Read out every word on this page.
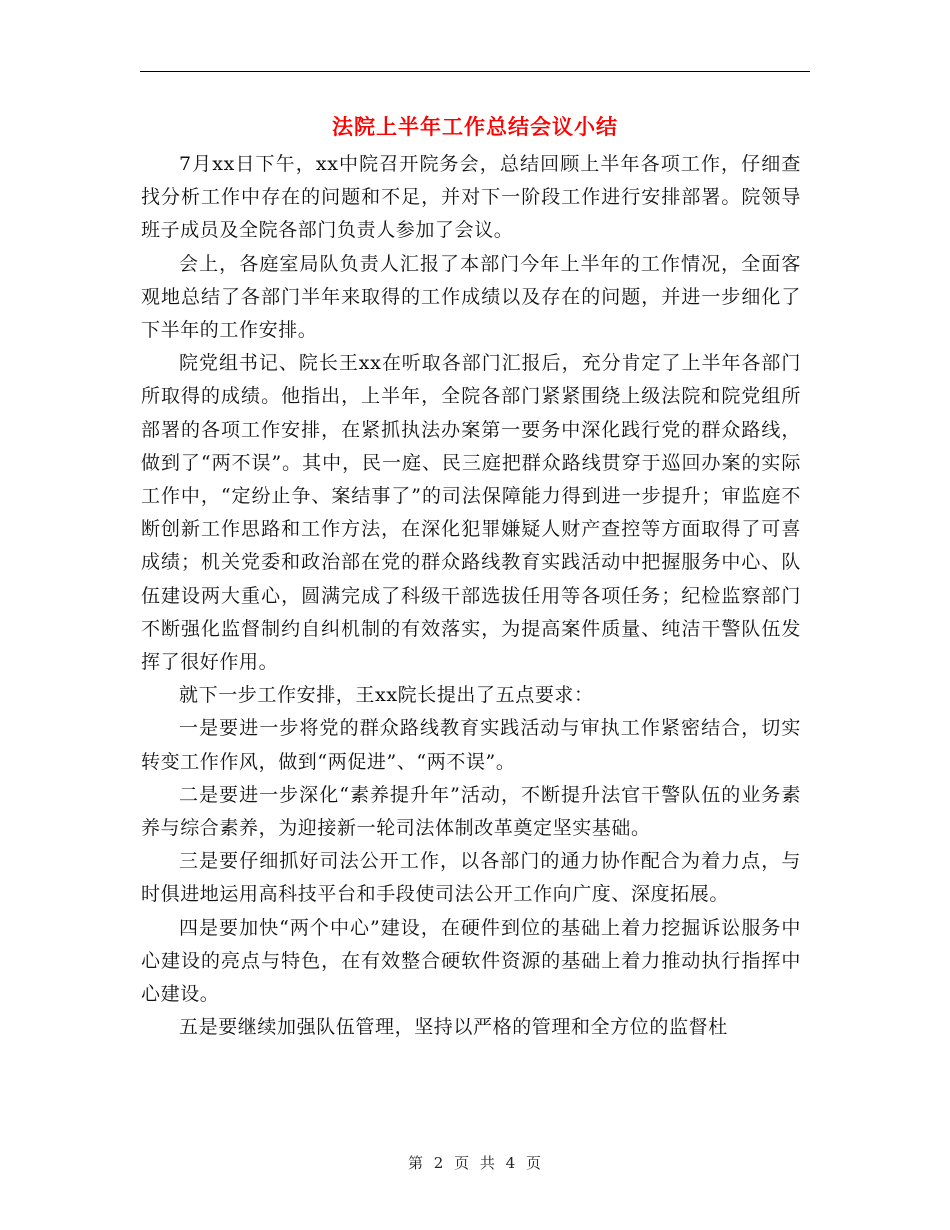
法院上半年工作总结会议小结

7月xx日下午，xx中院召开院务会，总结回顾上半年各项工作，仔细查找分析工作中存在的问题和不足，并对下一阶段工作进行安排部署。院领导班子成员及全院各部门负责人参加了会议。

会上，各庭室局队负责人汇报了本部门今年上半年的工作情况，全面客观地总结了各部门半年来取得的工作成绩以及存在的问题，并进一步细化了下半年的工作安排。

院党组书记、院长王xx在听取各部门汇报后，充分肯定了上半年各部门所取得的成绩。他指出，上半年，全院各部门紧紧围绕上级法院和院党组所部署的各项工作安排，在紧抓执法办案第一要务中深化践行党的群众路线，做到了“两不误”。其中，民一庭、民三庭把群众路线贯穿于巡回办案的实际工作中，“定纷止争、案结事了”的司法保障能力得到进一步提升；审监庭不断创新工作思路和工作方法，在深化犯罪嫌疑人财产查控等方面取得了可喜成绩；机关党委和政治部在党的群众路线教育实践活动中把握服务中心、队伍建设两大重心，圆满完成了科级干部选拔任用等各项任务；纪检监察部门不断强化监督制约自纠机制的有效落实，为提高案件质量、纯洁干警队伍发挥了很好作用。

就下一步工作安排，王xx院长提出了五点要求：

一是要进一步将党的群众路线教育实践活动与审执工作紧密结合，切实转变工作作风，做到“两促进”、“两不误”。

二是要进一步深化“素养提升年”活动，不断提升法官干警队伍的业务素养与综合素养，为迎接新一轮司法体制改革奠定坚实基础。

三是要仔细抓好司法公开工作，以各部门的通力协作配合为着力点，与时俱进地运用高科技平台和手段使司法公开工作向广度、深度拓展。

四是要加快“两个中心”建设，在硬件到位的基础上着力挖掘诉讼服务中心建设的亮点与特色，在有效整合硬软件资源的基础上着力推动执行指挥中心建设。

五是要继续加强队伍管理，坚持以严格的管理和全方位的监督杜

第 2 页 共 4 页
